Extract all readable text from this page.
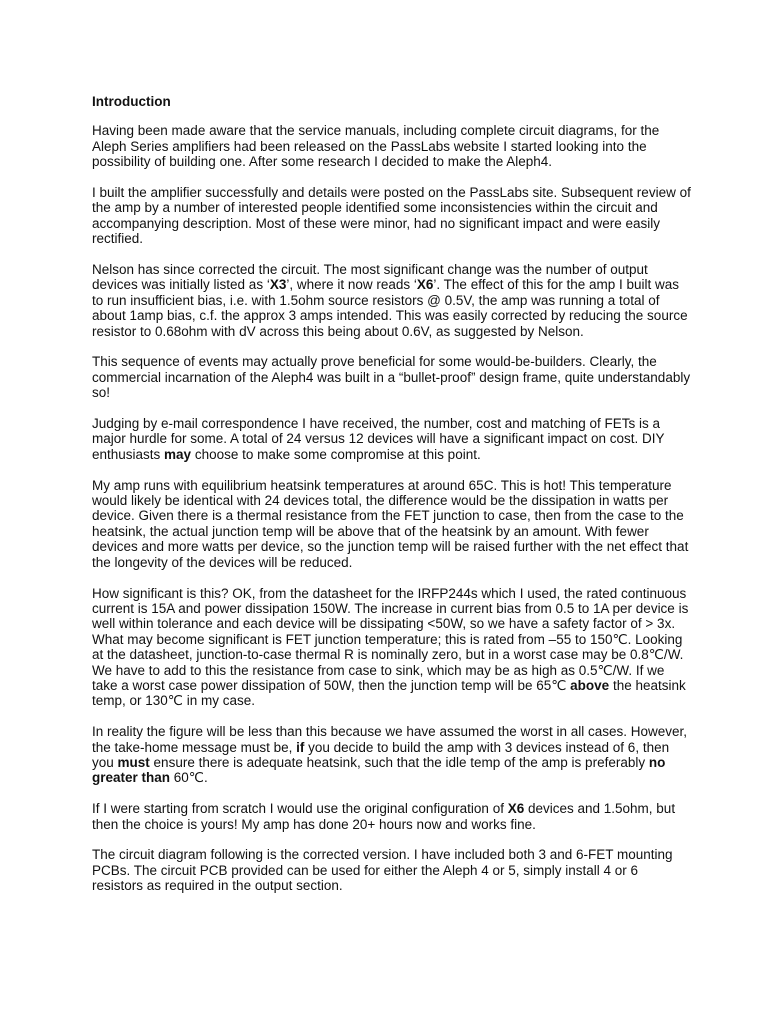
Introduction

Having been made aware that the service manuals, including complete circuit diagrams, for the Aleph Series amplifiers had been released on the PassLabs website I started looking into the possibility of building one. After some research I decided to make the Aleph4.

I built the amplifier successfully and details were posted on the PassLabs site. Subsequent review of the amp by a number of interested people identified some inconsistencies within the circuit and accompanying description. Most of these were minor, had no significant impact and were easily rectified.

Nelson has since corrected the circuit. The most significant change was the number of output devices was initially listed as ‘X3’, where it now reads ‘X6’. The effect of this for the amp I built was to run insufficient bias, i.e. with 1.5ohm source resistors @ 0.5V, the amp was running a total of about 1amp bias, c.f. the approx 3 amps intended. This was easily corrected by reducing the source resistor to 0.68ohm with dV across this being about 0.6V, as suggested by Nelson.

This sequence of events may actually prove beneficial for some would-be-builders. Clearly, the commercial incarnation of the Aleph4 was built in a “bullet-proof” design frame, quite understandably so!

Judging by e-mail correspondence I have received, the number, cost and matching of FETs is a major hurdle for some. A total of 24 versus 12 devices will have a significant impact on cost. DIY enthusiasts may choose to make some compromise at this point.

My amp runs with equilibrium heatsink temperatures at around 65C. This is hot! This temperature would likely be identical with 24 devices total, the difference would be the dissipation in watts per device. Given there is a thermal resistance from the FET junction to case, then from the case to the heatsink, the actual junction temp will be above that of the heatsink by an amount. With fewer devices and more watts per device, so the junction temp will be raised further with the net effect that the longevity of the devices will be reduced.

How significant is this? OK, from the datasheet for the IRFP244s which I used, the rated continuous current is 15A and power dissipation 150W. The increase in current bias from 0.5 to 1A per device is well within tolerance and each device will be dissipating <50W, so we have a safety factor of > 3x. What may become significant is FET junction temperature; this is rated from –55 to 150℃. Looking at the datasheet, junction-to-case thermal R is nominally zero, but in a worst case may be 0.8℃/W. We have to add to this the resistance from case to sink, which may be as high as 0.5℃/W. If we take a worst case power dissipation of 50W, then the junction temp will be 65℃ above the heatsink temp, or 130℃ in my case.

In reality the figure will be less than this because we have assumed the worst in all cases. However, the take-home message must be, if you decide to build the amp with 3 devices instead of 6, then you must ensure there is adequate heatsink, such that the idle temp of the amp is preferably no greater than 60℃.

If I were starting from scratch I would use the original configuration of X6 devices and 1.5ohm, but then the choice is yours! My amp has done 20+ hours now and works fine.

The circuit diagram following is the corrected version. I have included both 3 and 6-FET mounting PCBs. The circuit PCB provided can be used for either the Aleph 4 or 5, simply install 4 or 6 resistors as required in the output section.
